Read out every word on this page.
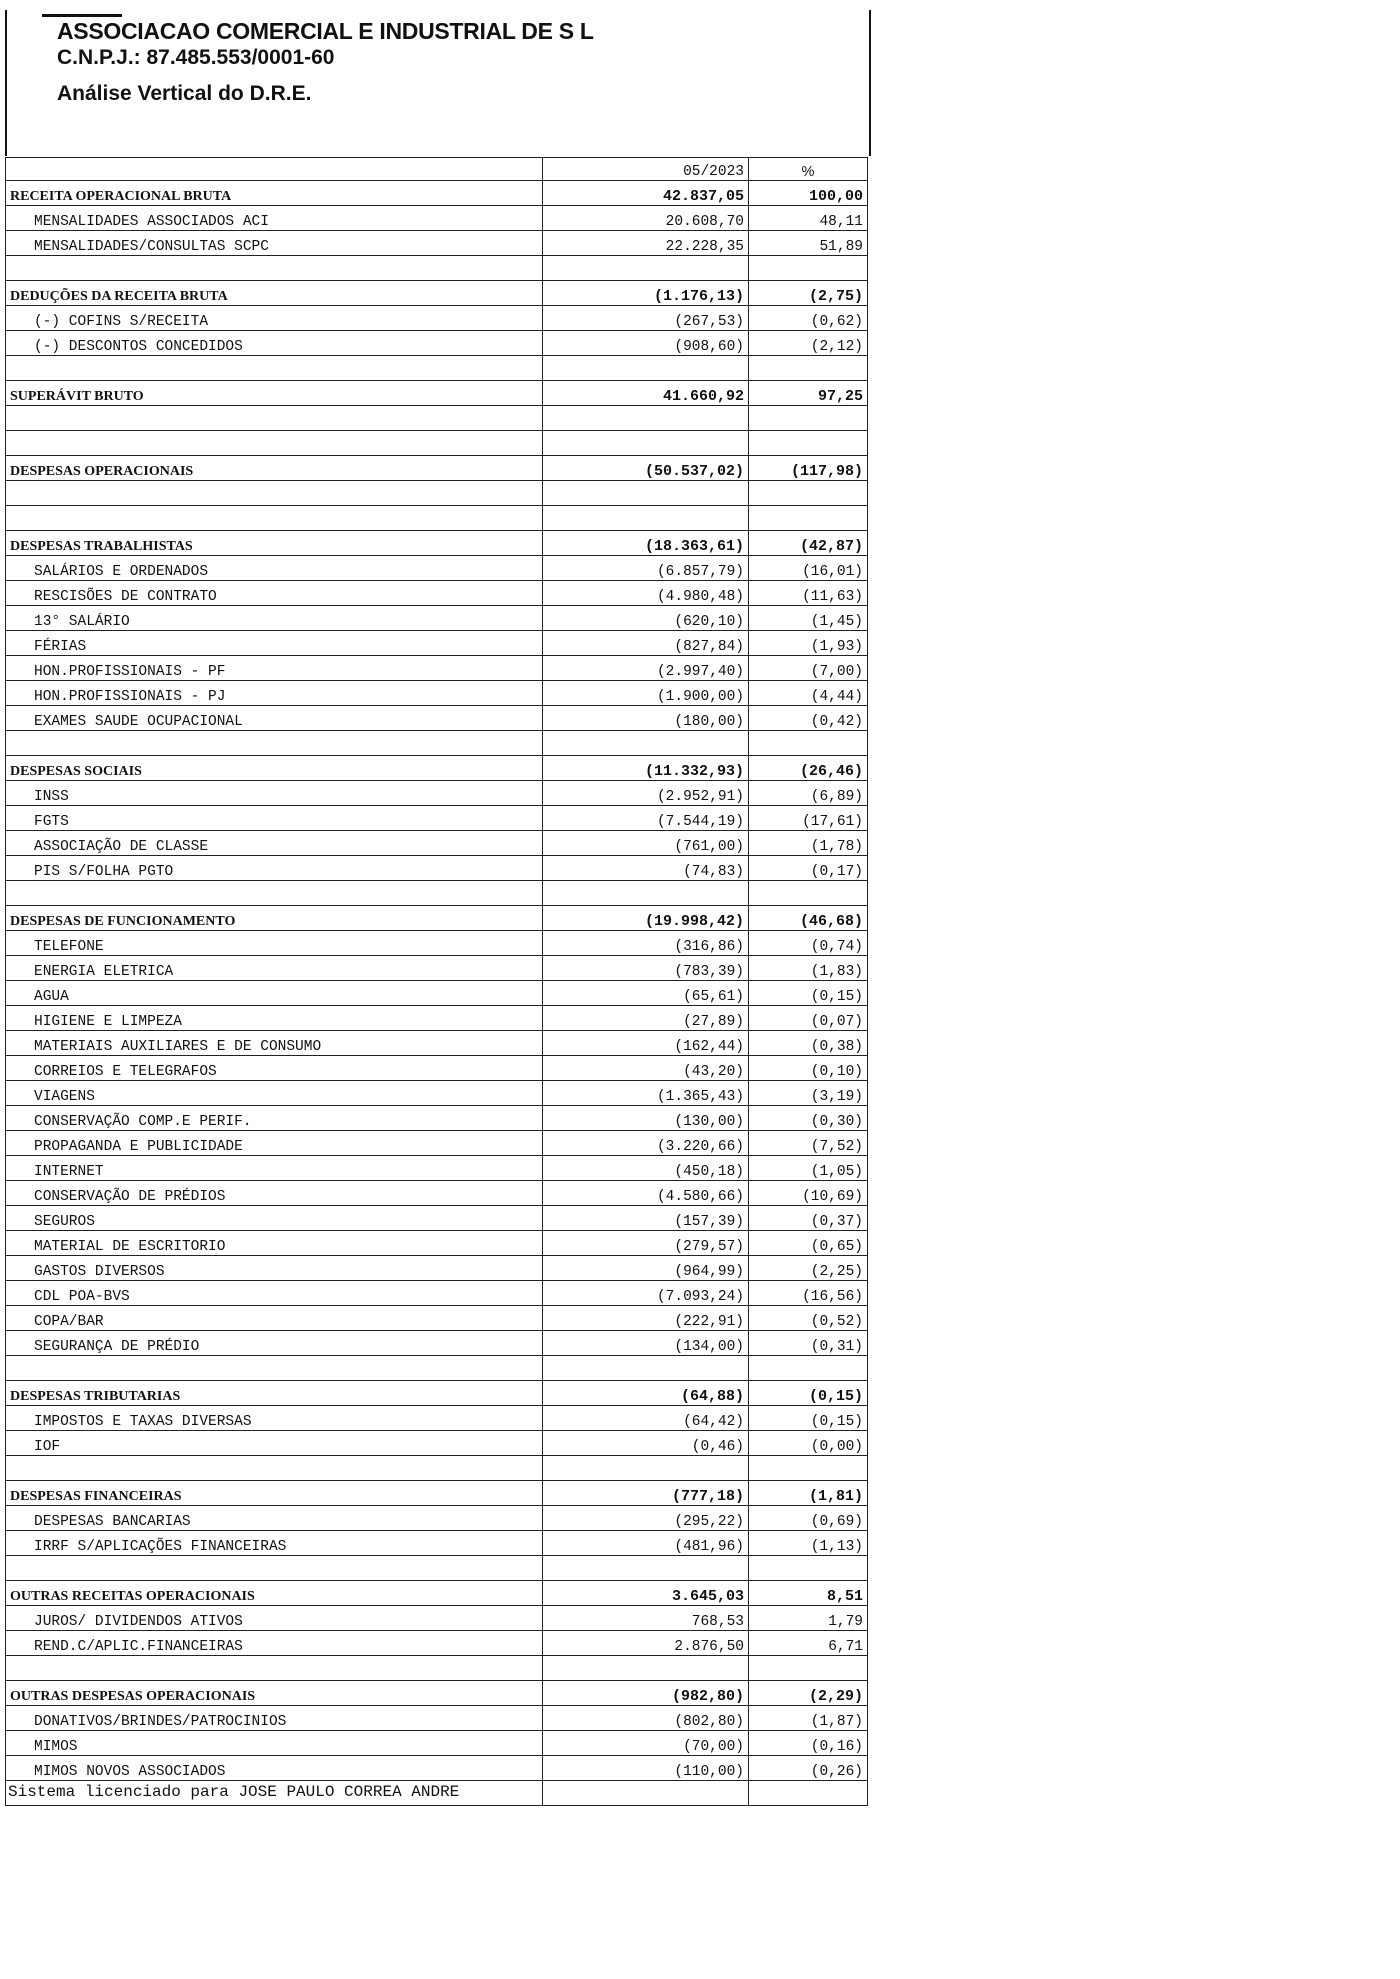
ASSOCIACAO COMERCIAL E INDUSTRIAL DE S L
C.N.P.J.: 87.485.553/0001-60
Análise Vertical do D.R.E.
	05/2023	%
RECEITA OPERACIONAL BRUTA	42.837,05	100,00
MENSALIDADES ASSOCIADOS ACI	20.608,70	48,11
MENSALIDADES/CONSULTAS SCPC	22.228,35	51,89

DEDUÇÕES DA RECEITA BRUTA	(1.176,13)	(2,75)
(-) COFINS S/RECEITA	(267,53)	(0,62)
(-) DESCONTOS CONCEDIDOS	(908,60)	(2,12)

SUPERÁVIT BRUTO	41.660,92	97,25

DESPESAS OPERACIONAIS	(50.537,02)	(117,98)

DESPESAS TRABALHISTAS	(18.363,61)	(42,87)
SALÁRIOS E ORDENADOS	(6.857,79)	(16,01)
RESCISÕES DE CONTRATO	(4.980,48)	(11,63)
13° SALÁRIO	(620,10)	(1,45)
FÉRIAS	(827,84)	(1,93)
HON.PROFISSIONAIS - PF	(2.997,40)	(7,00)
HON.PROFISSIONAIS - PJ	(1.900,00)	(4,44)
EXAMES SAUDE OCUPACIONAL	(180,00)	(0,42)

DESPESAS SOCIAIS	(11.332,93)	(26,46)
INSS	(2.952,91)	(6,89)
FGTS	(7.544,19)	(17,61)
ASSOCIAÇÃO DE CLASSE	(761,00)	(1,78)
PIS S/FOLHA PGTO	(74,83)	(0,17)

DESPESAS DE FUNCIONAMENTO	(19.998,42)	(46,68)
TELEFONE	(316,86)	(0,74)
ENERGIA ELETRICA	(783,39)	(1,83)
AGUA	(65,61)	(0,15)
HIGIENE E LIMPEZA	(27,89)	(0,07)
MATERIAIS AUXILIARES E DE CONSUMO	(162,44)	(0,38)
CORREIOS E TELEGRAFOS	(43,20)	(0,10)
VIAGENS	(1.365,43)	(3,19)
CONSERVAÇÃO COMP.E PERIF.	(130,00)	(0,30)
PROPAGANDA E PUBLICIDADE	(3.220,66)	(7,52)
INTERNET	(450,18)	(1,05)
CONSERVAÇÃO DE PRÉDIOS	(4.580,66)	(10,69)
SEGUROS	(157,39)	(0,37)
MATERIAL DE ESCRITORIO	(279,57)	(0,65)
GASTOS DIVERSOS	(964,99)	(2,25)
CDL POA-BVS	(7.093,24)	(16,56)
COPA/BAR	(222,91)	(0,52)
SEGURANÇA DE PRÉDIO	(134,00)	(0,31)

DESPESAS TRIBUTARIAS	(64,88)	(0,15)
IMPOSTOS E TAXAS DIVERSAS	(64,42)	(0,15)
IOF	(0,46)	(0,00)

DESPESAS FINANCEIRAS	(777,18)	(1,81)
DESPESAS BANCARIAS	(295,22)	(0,69)
IRRF S/APLICAÇÕES FINANCEIRAS	(481,96)	(1,13)

OUTRAS RECEITAS OPERACIONAIS	3.645,03	8,51
JUROS/ DIVIDENDOS ATIVOS	768,53	1,79
REND.C/APLIC.FINANCEIRAS	2.876,50	6,71

OUTRAS DESPESAS OPERACIONAIS	(982,80)	(2,29)
DONATIVOS/BRINDES/PATROCINIOS	(802,80)	(1,87)
MIMOS	(70,00)	(0,16)
MIMOS NOVOS ASSOCIADOS	(110,00)	(0,26)

Sistema licenciado para JOSE PAULO CORREA ANDRE
